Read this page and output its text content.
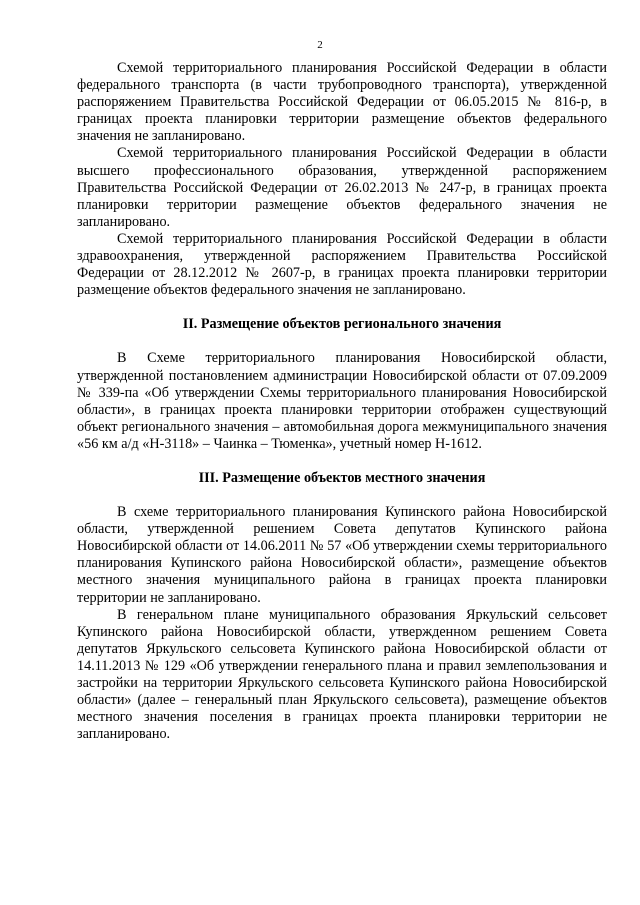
2

Схемой территориального планирования Российской Федерации в области федерального транспорта (в части трубопроводного транспорта), утвержденной распоряжением Правительства Российской Федерации от 06.05.2015 № 816-р, в границах проекта планировки территории размещение объектов федерального значения не запланировано.

Схемой территориального планирования Российской Федерации в области высшего профессионального образования, утвержденной распоряжением Правительства Российской Федерации от 26.02.2013 № 247-р, в границах проекта планировки территории размещение объектов федерального значения не запланировано.

Схемой территориального планирования Российской Федерации в области здравоохранения, утвержденной распоряжением Правительства Российской Федерации от 28.12.2012 № 2607-р, в границах проекта планировки территории размещение объектов федерального значения не запланировано.

II. Размещение объектов регионального значения

В Схеме территориального планирования Новосибирской области, утвержденной постановлением администрации Новосибирской области от 07.09.2009 № 339-па «Об утверждении Схемы территориального планирования Новосибирской области», в границах проекта планировки территории отображен существующий объект регионального значения – автомобильная дорога межмуниципального значения «56 км а/д «Н-3118» – Чаинка – Тюменка», учетный номер Н-1612.

III. Размещение объектов местного значения

В схеме территориального планирования Купинского района Новосибирской области, утвержденной решением Совета депутатов Купинского района Новосибирской области от 14.06.2011 № 57 «Об утверждении схемы территориального планирования Купинского района Новосибирской области», размещение объектов местного значения муниципального района в границах проекта планировки территории не запланировано.

В генеральном плане муниципального образования Яркульский сельсовет Купинского района Новосибирской области, утвержденном решением Совета депутатов Яркульского сельсовета Купинского района Новосибирской области от 14.11.2013 № 129 «Об утверждении генерального плана и правил землепользования и застройки на территории Яркульского сельсовета Купинского района Новосибирской области» (далее – генеральный план Яркульского сельсовета), размещение объектов местного значения поселения в границах проекта планировки территории не запланировано.
